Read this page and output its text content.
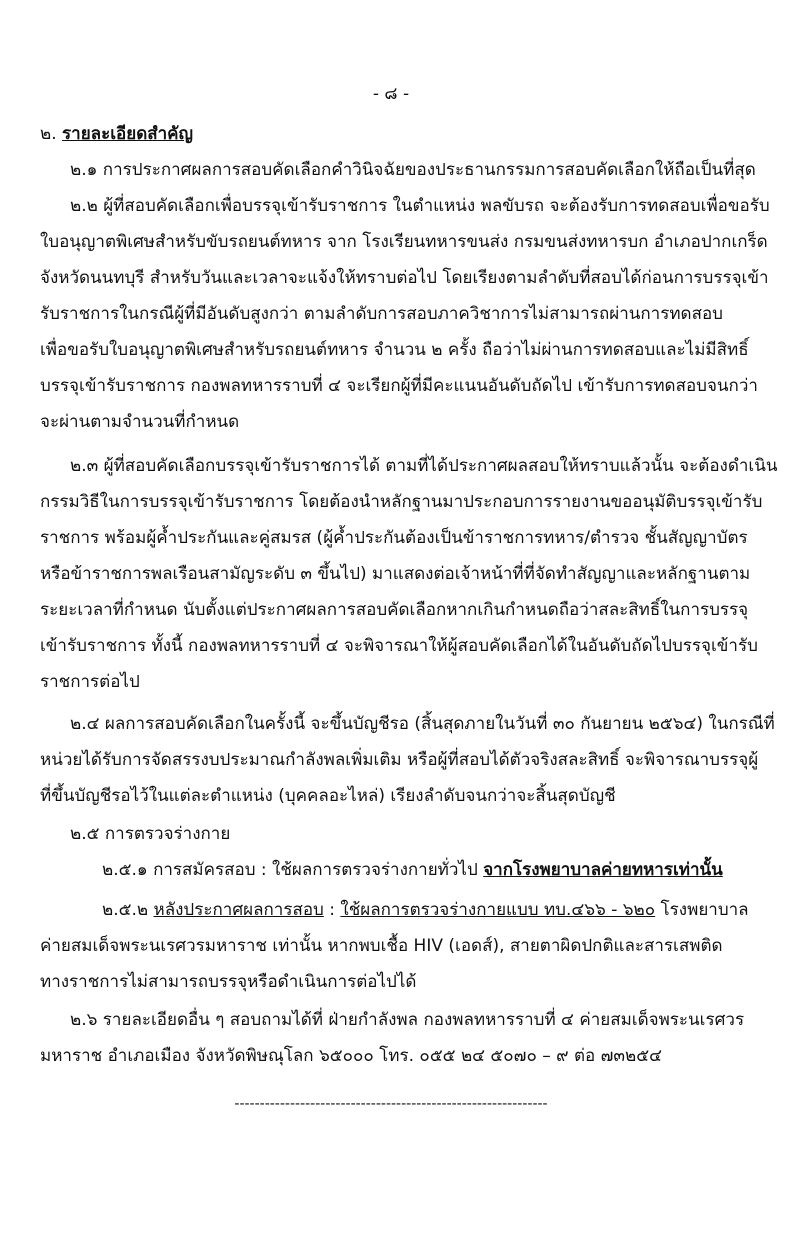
- ๘ -
๒. รายละเอียดสำคัญ
๒.๑ การประกาศผลการสอบคัดเลือกคำวินิจฉัยของประธานกรรมการสอบคัดเลือกให้ถือเป็นที่สุด
๒.๒ ผู้ที่สอบคัดเลือกเพื่อบรรจุเข้ารับราชการ ในตำแหน่ง พลขับรถ จะต้องรับการทดสอบเพื่อขอรับ
ใบอนุญาตพิเศษสำหรับขับรถยนต์ทหาร จาก โรงเรียนทหารขนส่ง กรมขนส่งทหารบก อำเภอปากเกร็ด
จังหวัดนนทบุรี สำหรับวันและเวลาจะแจ้งให้ทราบต่อไป โดยเรียงตามลำดับที่สอบได้ก่อนการบรรจุเข้า
รับราชการในกรณีผู้ที่มีอันดับสูงกว่า ตามลำดับการสอบภาควิชาการไม่สามารถผ่านการทดสอบ
เพื่อขอรับใบอนุญาตพิเศษสำหรับรถยนต์ทหาร จำนวน ๒ ครั้ง ถือว่าไม่ผ่านการทดสอบและไม่มีสิทธิ์
บรรจุเข้ารับราชการ กองพลทหารราบที่ ๔ จะเรียกผู้ที่มีคะแนนอันดับถัดไป เข้ารับการทดสอบจนกว่า
จะผ่านตามจำนวนที่กำหนด
๒.๓ ผู้ที่สอบคัดเลือกบรรจุเข้ารับราชการได้ ตามที่ได้ประกาศผลสอบให้ทราบแล้วนั้น จะต้องดำเนิน
กรรมวิธีในการบรรจุเข้ารับราชการ โดยต้องนำหลักฐานมาประกอบการรายงานขออนุมัติบรรจุเข้ารับ
ราชการ พร้อมผู้ค้ำประกันและคู่สมรส (ผู้ค้ำประกันต้องเป็นข้าราชการทหาร/ตำรวจ ชั้นสัญญาบัตร
หรือข้าราชการพลเรือนสามัญระดับ ๓ ขึ้นไป) มาแสดงต่อเจ้าหน้าที่ที่จัดทำสัญญาและหลักฐานตาม
ระยะเวลาที่กำหนด นับตั้งแต่ประกาศผลการสอบคัดเลือกหากเกินกำหนดถือว่าสละสิทธิ์ในการบรรจุ
เข้ารับราชการ ทั้งนี้ กองพลทหารราบที่ ๔ จะพิจารณาให้ผู้สอบคัดเลือกได้ในอันดับถัดไปบรรจุเข้ารับ
ราชการต่อไป
๒.๔ ผลการสอบคัดเลือกในครั้งนี้ จะขึ้นบัญชีรอ (สิ้นสุดภายในวันที่ ๓๐ กันยายน ๒๕๖๔) ในกรณีที่
หน่วยได้รับการจัดสรรงบประมาณกำลังพลเพิ่มเติม หรือผู้ที่สอบได้ตัวจริงสละสิทธิ์ จะพิจารณาบรรจุผู้
ที่ขึ้นบัญชีรอไว้ในแต่ละตำแหน่ง (บุคคลอะไหล่) เรียงลำดับจนกว่าจะสิ้นสุดบัญชี
๒.๕ การตรวจร่างกาย
๒.๕.๑ การสมัครสอบ : ใช้ผลการตรวจร่างกายทั่วไป จากโรงพยาบาลค่ายทหารเท่านั้น
๒.๕.๒ หลังประกาศผลการสอบ : ใช้ผลการตรวจร่างกายแบบ ทบ.๔๖๖ - ๖๒๐ โรงพยาบาล
ค่ายสมเด็จพระนเรศวรมหาราช เท่านั้น หากพบเชื้อ HIV (เอดส์), สายตาผิดปกติและสารเสพติด
ทางราชการไม่สามารถบรรจุหรือดำเนินการต่อไปได้
๒.๖ รายละเอียดอื่น ๆ สอบถามได้ที่ ฝ่ายกำลังพล กองพลทหารราบที่ ๔ ค่ายสมเด็จพระนเรศวร
มหาราช อำเภอเมือง จังหวัดพิษณุโลก ๖๕๐๐๐ โทร. ๐๕๕ ๒๔ ๕๐๗๐ – ๙ ต่อ ๗๓๒๕๔
--------------------------------------------------------------
